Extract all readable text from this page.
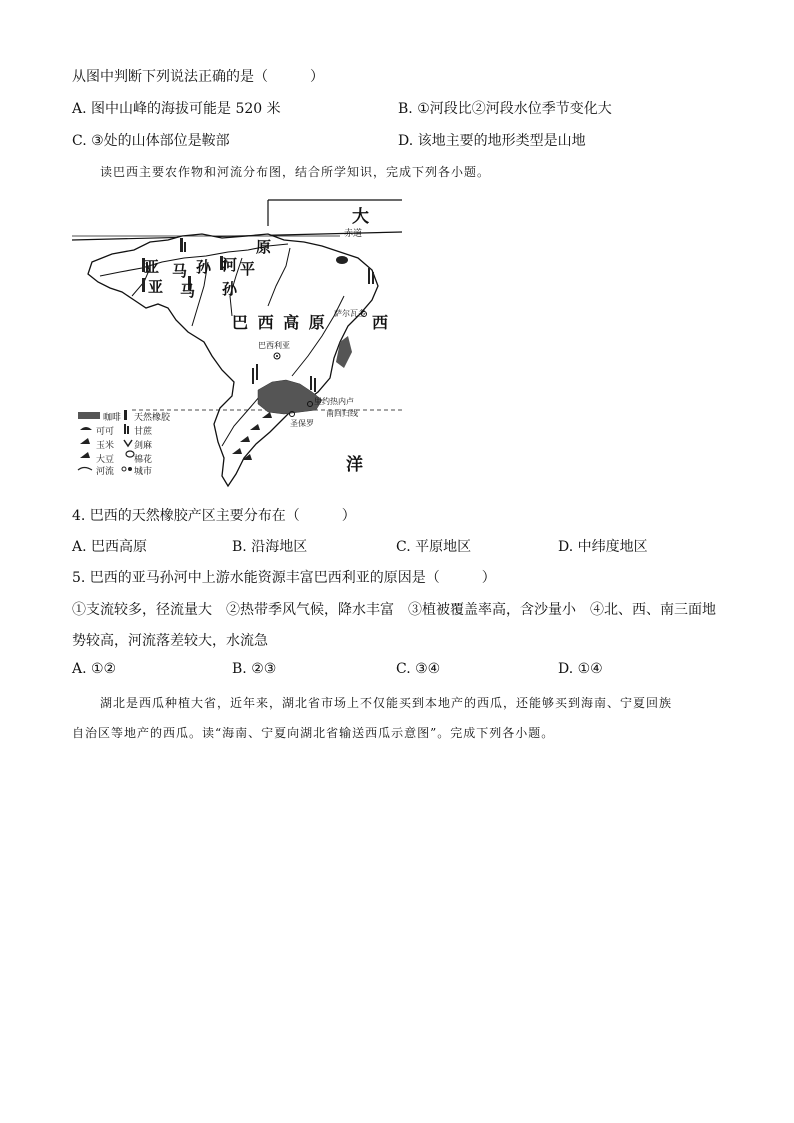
从图中判断下列说法正确的是（　　　）
A. 图中山峰的海拔可能是 520 米	B. ①河段比②河段水位季节变化大
C. ③处的山体部位是鞍部	D. 该地主要的地形类型是山地
读巴西主要农作物和河流分布图，结合所学知识，完成下列各小题。
大
赤道
亚 马 孙 河 平
原
亚 马 孙
巴 西 高 原	西
巴西利亚
里约热内卢
圣保罗
萨尔瓦多
南回归线
洋
咖啡 天然橡胶
可可 甘蔗
玉米 剑麻
大豆 棉花
河流 城市
4. 巴西的天然橡胶产区主要分布在（　　　）
A. 巴西高原	B. 沿海地区	C. 平原地区	D. 中纬度地区
5. 巴西的亚马孙河中上游水能资源丰富巴西利亚的原因是（　　　）
①支流较多，径流量大　②热带季风气候，降水丰富　③植被覆盖率高，含沙量小　④北、西、南三面地
势较高，河流落差较大，水流急
A. ①②	B. ②③	C. ③④	D. ①④
湖北是西瓜种植大省，近年来，湖北省市场上不仅能买到本地产的西瓜，还能够买到海南、宁夏回族
自治区等地产的西瓜。读“海南、宁夏向湖北省输送西瓜示意图”。完成下列各小题。
